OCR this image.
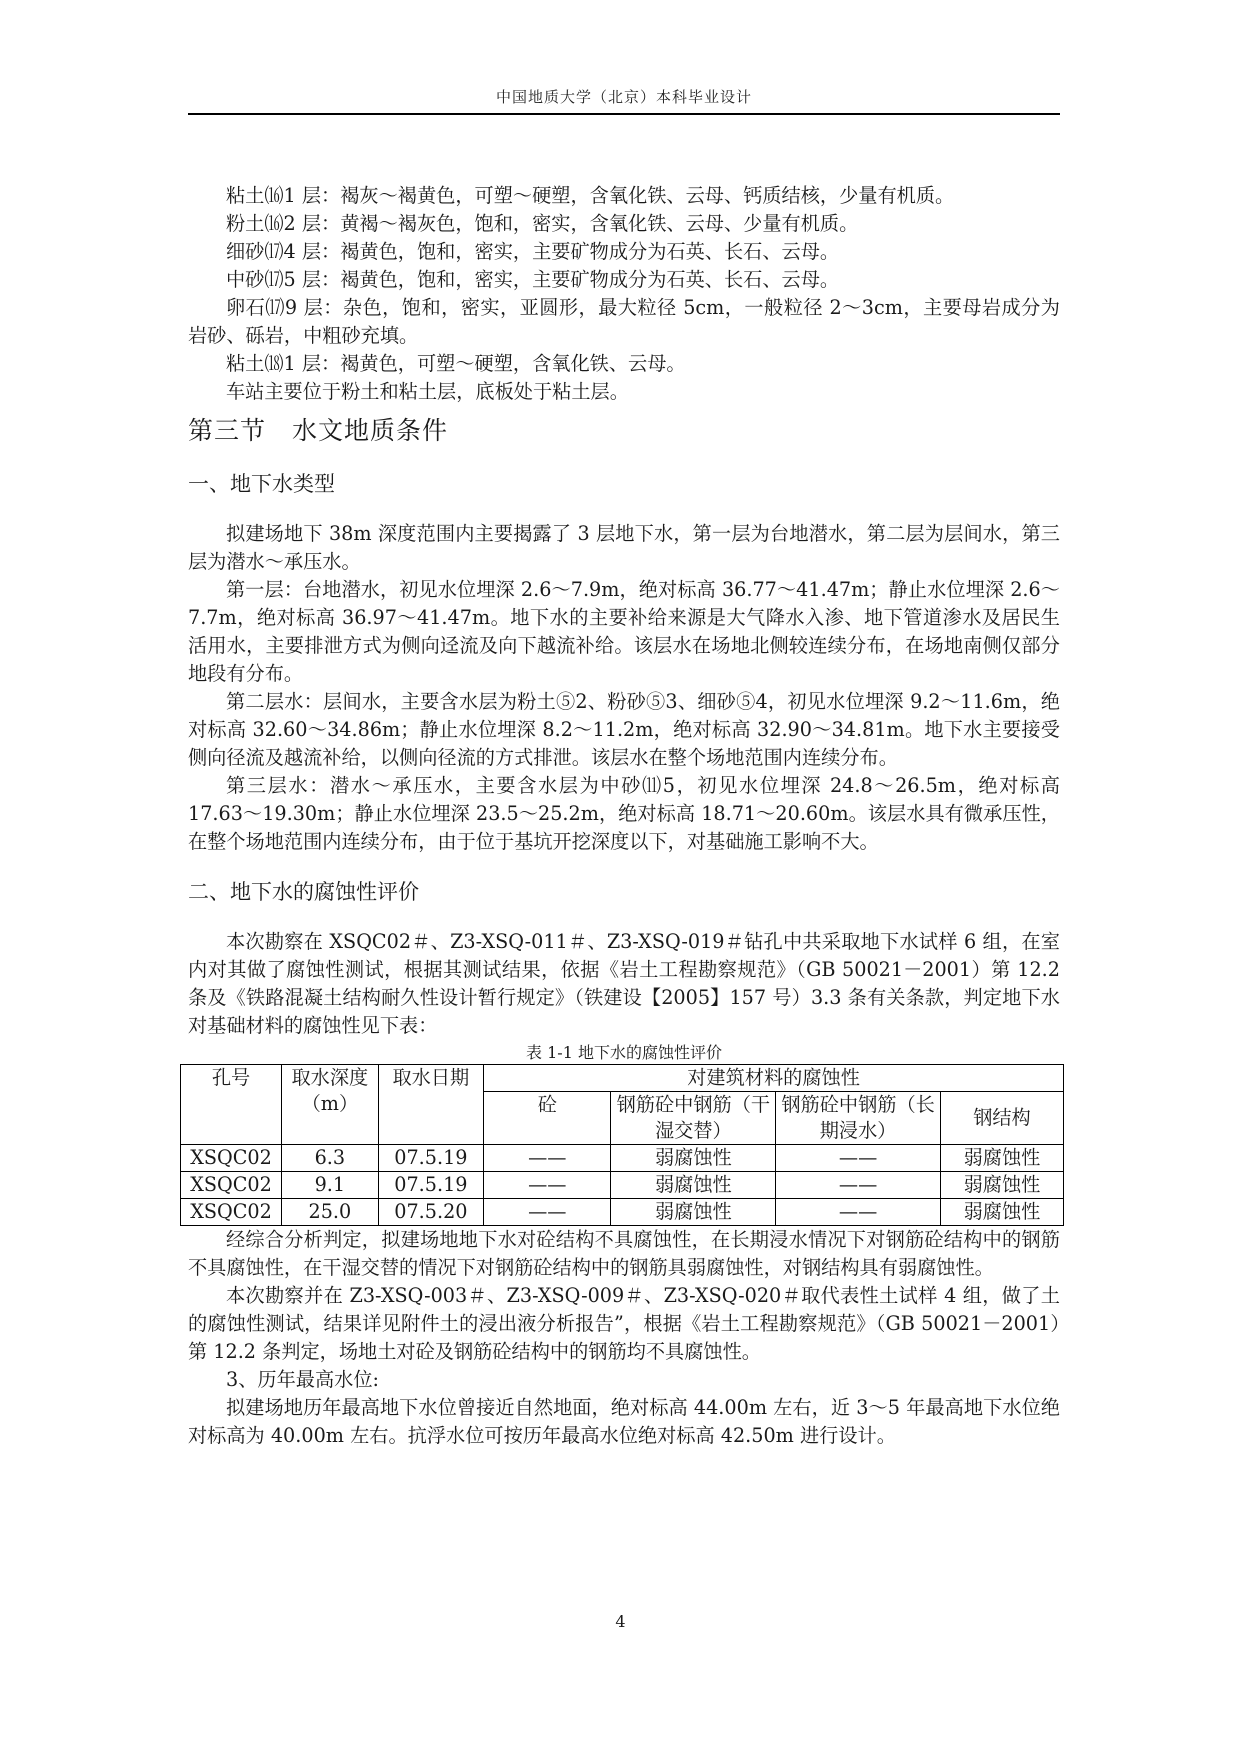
中国地质大学（北京）本科毕业设计

粘土⒃1 层：褐灰～褐黄色，可塑～硬塑，含氧化铁、云母、钙质结核，少量有机质。

粉土⒃2 层：黄褐～褐灰色，饱和，密实，含氧化铁、云母、少量有机质。

细砂⒄4 层：褐黄色，饱和，密实，主要矿物成分为石英、长石、云母。

中砂⒄5 层：褐黄色，饱和，密实，主要矿物成分为石英、长石、云母。

卵石⒄9 层：杂色，饱和，密实，亚圆形，最大粒径 5cm，一般粒径 2～3cm，主要母岩成分为岩砂、砾岩，中粗砂充填。

粘土⒅1 层：褐黄色，可塑～硬塑，含氧化铁、云母。

车站主要位于粉土和粘土层，底板处于粘土层。

第三节　水文地质条件
一、地下水类型

拟建场地下 38m 深度范围内主要揭露了 3 层地下水，第一层为台地潜水，第二层为层间水，第三层为潜水～承压水。

第一层：台地潜水，初见水位埋深 2.6～7.9m，绝对标高 36.77～41.47m；静止水位埋深 2.6～7.7m，绝对标高 36.97～41.47m。地下水的主要补给来源是大气降水入渗、地下管道渗水及居民生活用水，主要排泄方式为侧向迳流及向下越流补给。该层水在场地北侧较连续分布，在场地南侧仅部分地段有分布。

第二层水：层间水，主要含水层为粉土⑤2、粉砂⑤3、细砂⑤4，初见水位埋深 9.2～11.6m，绝对标高 32.60～34.86m；静止水位埋深 8.2～11.2m，绝对标高 32.90～34.81m。地下水主要接受侧向径流及越流补给，以侧向径流的方式排泄。该层水在整个场地范围内连续分布。

第三层水：潜水～承压水，主要含水层为中砂⑾5，初见水位埋深 24.8～26.5m，绝对标高 17.63～19.30m；静止水位埋深 23.5～25.2m，绝对标高 18.71～20.60m。该层水具有微承压性，在整个场地范围内连续分布，由于位于基坑开挖深度以下，对基础施工影响不大。

二、地下水的腐蚀性评价

本次勘察在 XSQC02＃、Z3-XSQ-011＃、Z3-XSQ-019＃钻孔中共采取地下水试样 6 组，在室内对其做了腐蚀性测试，根据其测试结果，依据《岩土工程勘察规范》（GB 50021－2001）第 12.2 条及《铁路混凝土结构耐久性设计暂行规定》（铁建设【2005】157 号）3.3 条有关条款，判定地下水对基础材料的腐蚀性见下表：

表 1-1 地下水的腐蚀性评价
孔号	取水深度（m）	取水日期	对建筑材料的腐蚀性			
			砼	钢筋砼中钢筋（干湿交替）	钢筋砼中钢筋（长期浸水）	钢结构
XSQC02	6.3	07.5.19	——	弱腐蚀性	——	弱腐蚀性
XSQC02	9.1	07.5.19	——	弱腐蚀性	——	弱腐蚀性
XSQC02	25.0	07.5.20	——	弱腐蚀性	——	弱腐蚀性

经综合分析判定，拟建场地地下水对砼结构不具腐蚀性，在长期浸水情况下对钢筋砼结构中的钢筋不具腐蚀性，在干湿交替的情况下对钢筋砼结构中的钢筋具弱腐蚀性，对钢结构具有弱腐蚀性。

本次勘察并在 Z3-XSQ-003＃、Z3-XSQ-009＃、Z3-XSQ-020＃取代表性土试样 4 组，做了土的腐蚀性测试，结果详见附件土的浸出液分析报告”，根据《岩土工程勘察规范》（GB 50021－2001）第 12.2 条判定，场地土对砼及钢筋砼结构中的钢筋均不具腐蚀性。

3、历年最高水位:

拟建场地历年最高地下水位曾接近自然地面，绝对标高 44.00m 左右，近 3～5 年最高地下水位绝对标高为 40.00m 左右。抗浮水位可按历年最高水位绝对标高 42.50m 进行设计。

4
